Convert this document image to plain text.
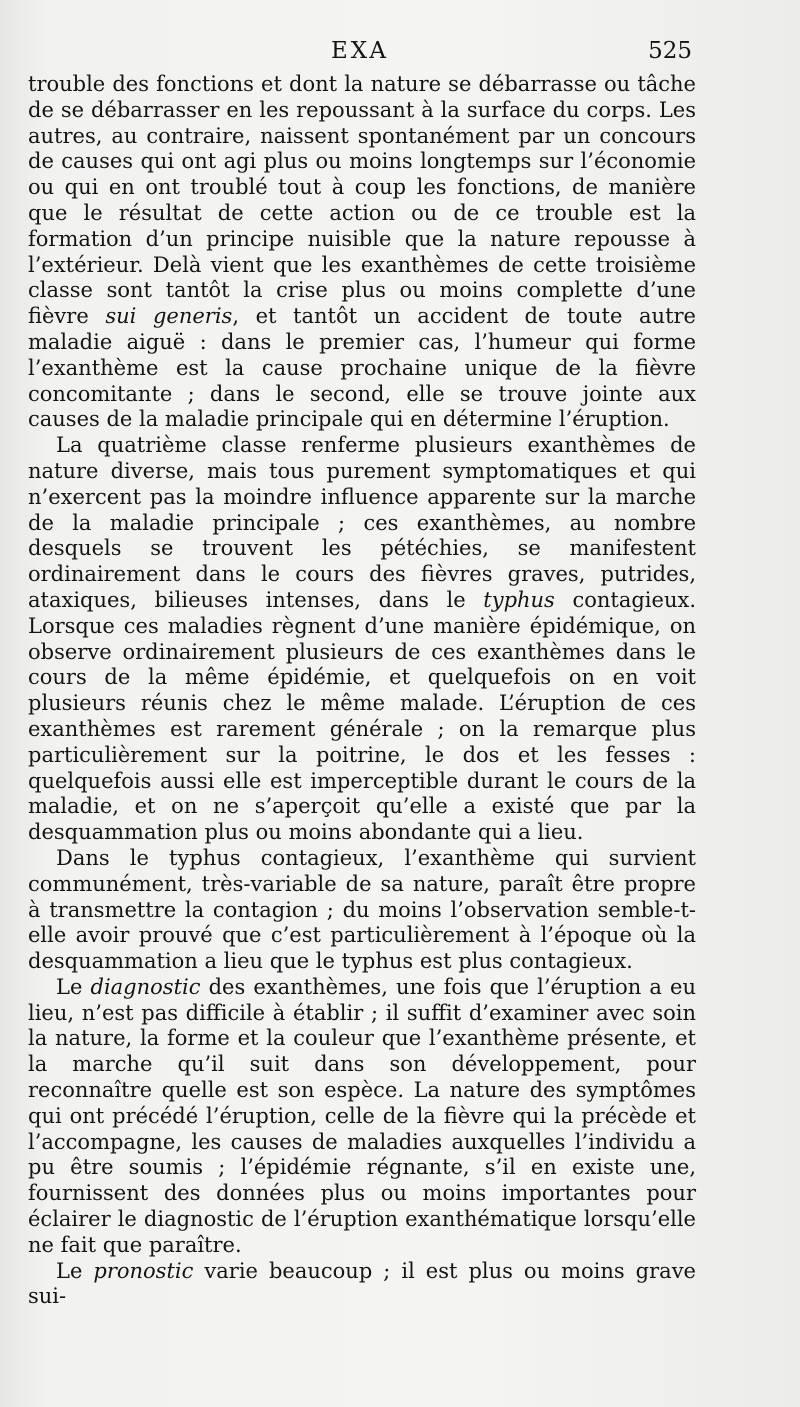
EXA	525

trouble des fonctions et dont la nature se débarrasse ou tâche de se débarrasser en les repoussant à la surface du corps. Les autres, au contraire, naissent spontanément par un concours de causes qui ont agi plus ou moins longtemps sur l’économie ou qui en ont troublé tout à coup les fonctions, de manière que le résultat de cette action ou de ce trouble est la formation d’un principe nuisible que la nature repousse à l’extérieur. Delà vient que les exanthèmes de cette troisième classe sont tantôt la crise plus ou moins complette d’une fièvre sui generis, et tantôt un accident de toute autre maladie aiguë : dans le premier cas, l’humeur qui forme l’exanthème est la cause prochaine unique de la fièvre concomitante ; dans le second, elle se trouve jointe aux causes de la maladie principale qui en détermine l’éruption.

La quatrième classe renferme plusieurs exanthèmes de nature diverse, mais tous purement symptomatiques et qui n’exercent pas la moindre influence apparente sur la marche de la maladie principale ; ces exanthèmes, au nombre desquels se trouvent les pétéchies, se manifestent ordinairement dans le cours des fièvres graves, putrides, ataxiques, bilieuses intenses, dans le typhus contagieux. Lorsque ces maladies règnent d’une manière épidémique, on observe ordinairement plusieurs de ces exanthèmes dans le cours de la même épidémie, et quelquefois on en voit plusieurs réunis chez le même malade. L’éruption de ces exanthèmes est rarement générale ; on la remarque plus particulièrement sur la poitrine, le dos et les fesses : quelquefois aussi elle est imperceptible durant le cours de la maladie, et on ne s’aperçoit qu’elle a existé que par la desquammation plus ou moins abondante qui a lieu.

Dans le typhus contagieux, l’exanthème qui survient communément, très-variable de sa nature, paraît être propre à transmettre la contagion ; du moins l’observation semble-t-elle avoir prouvé que c’est particulièrement à l’époque où la desquammation a lieu que le typhus est plus contagieux.

Le diagnostic des exanthèmes, une fois que l’éruption a eu lieu, n’est pas difficile à établir ; il suffit d’examiner avec soin la nature, la forme et la couleur que l’exanthème présente, et la marche qu’il suit dans son développement, pour reconnaître quelle est son espèce. La nature des symptômes qui ont précédé l’éruption, celle de la fièvre qui la précède et l’accompagne, les causes de maladies auxquelles l’individu a pu être soumis ; l’épidémie régnante, s’il en existe une, fournissent des données plus ou moins importantes pour éclairer le diagnostic de l’éruption exanthématique lorsqu’elle ne fait que paraître.

Le pronostic varie beaucoup ; il est plus ou moins grave sui-
